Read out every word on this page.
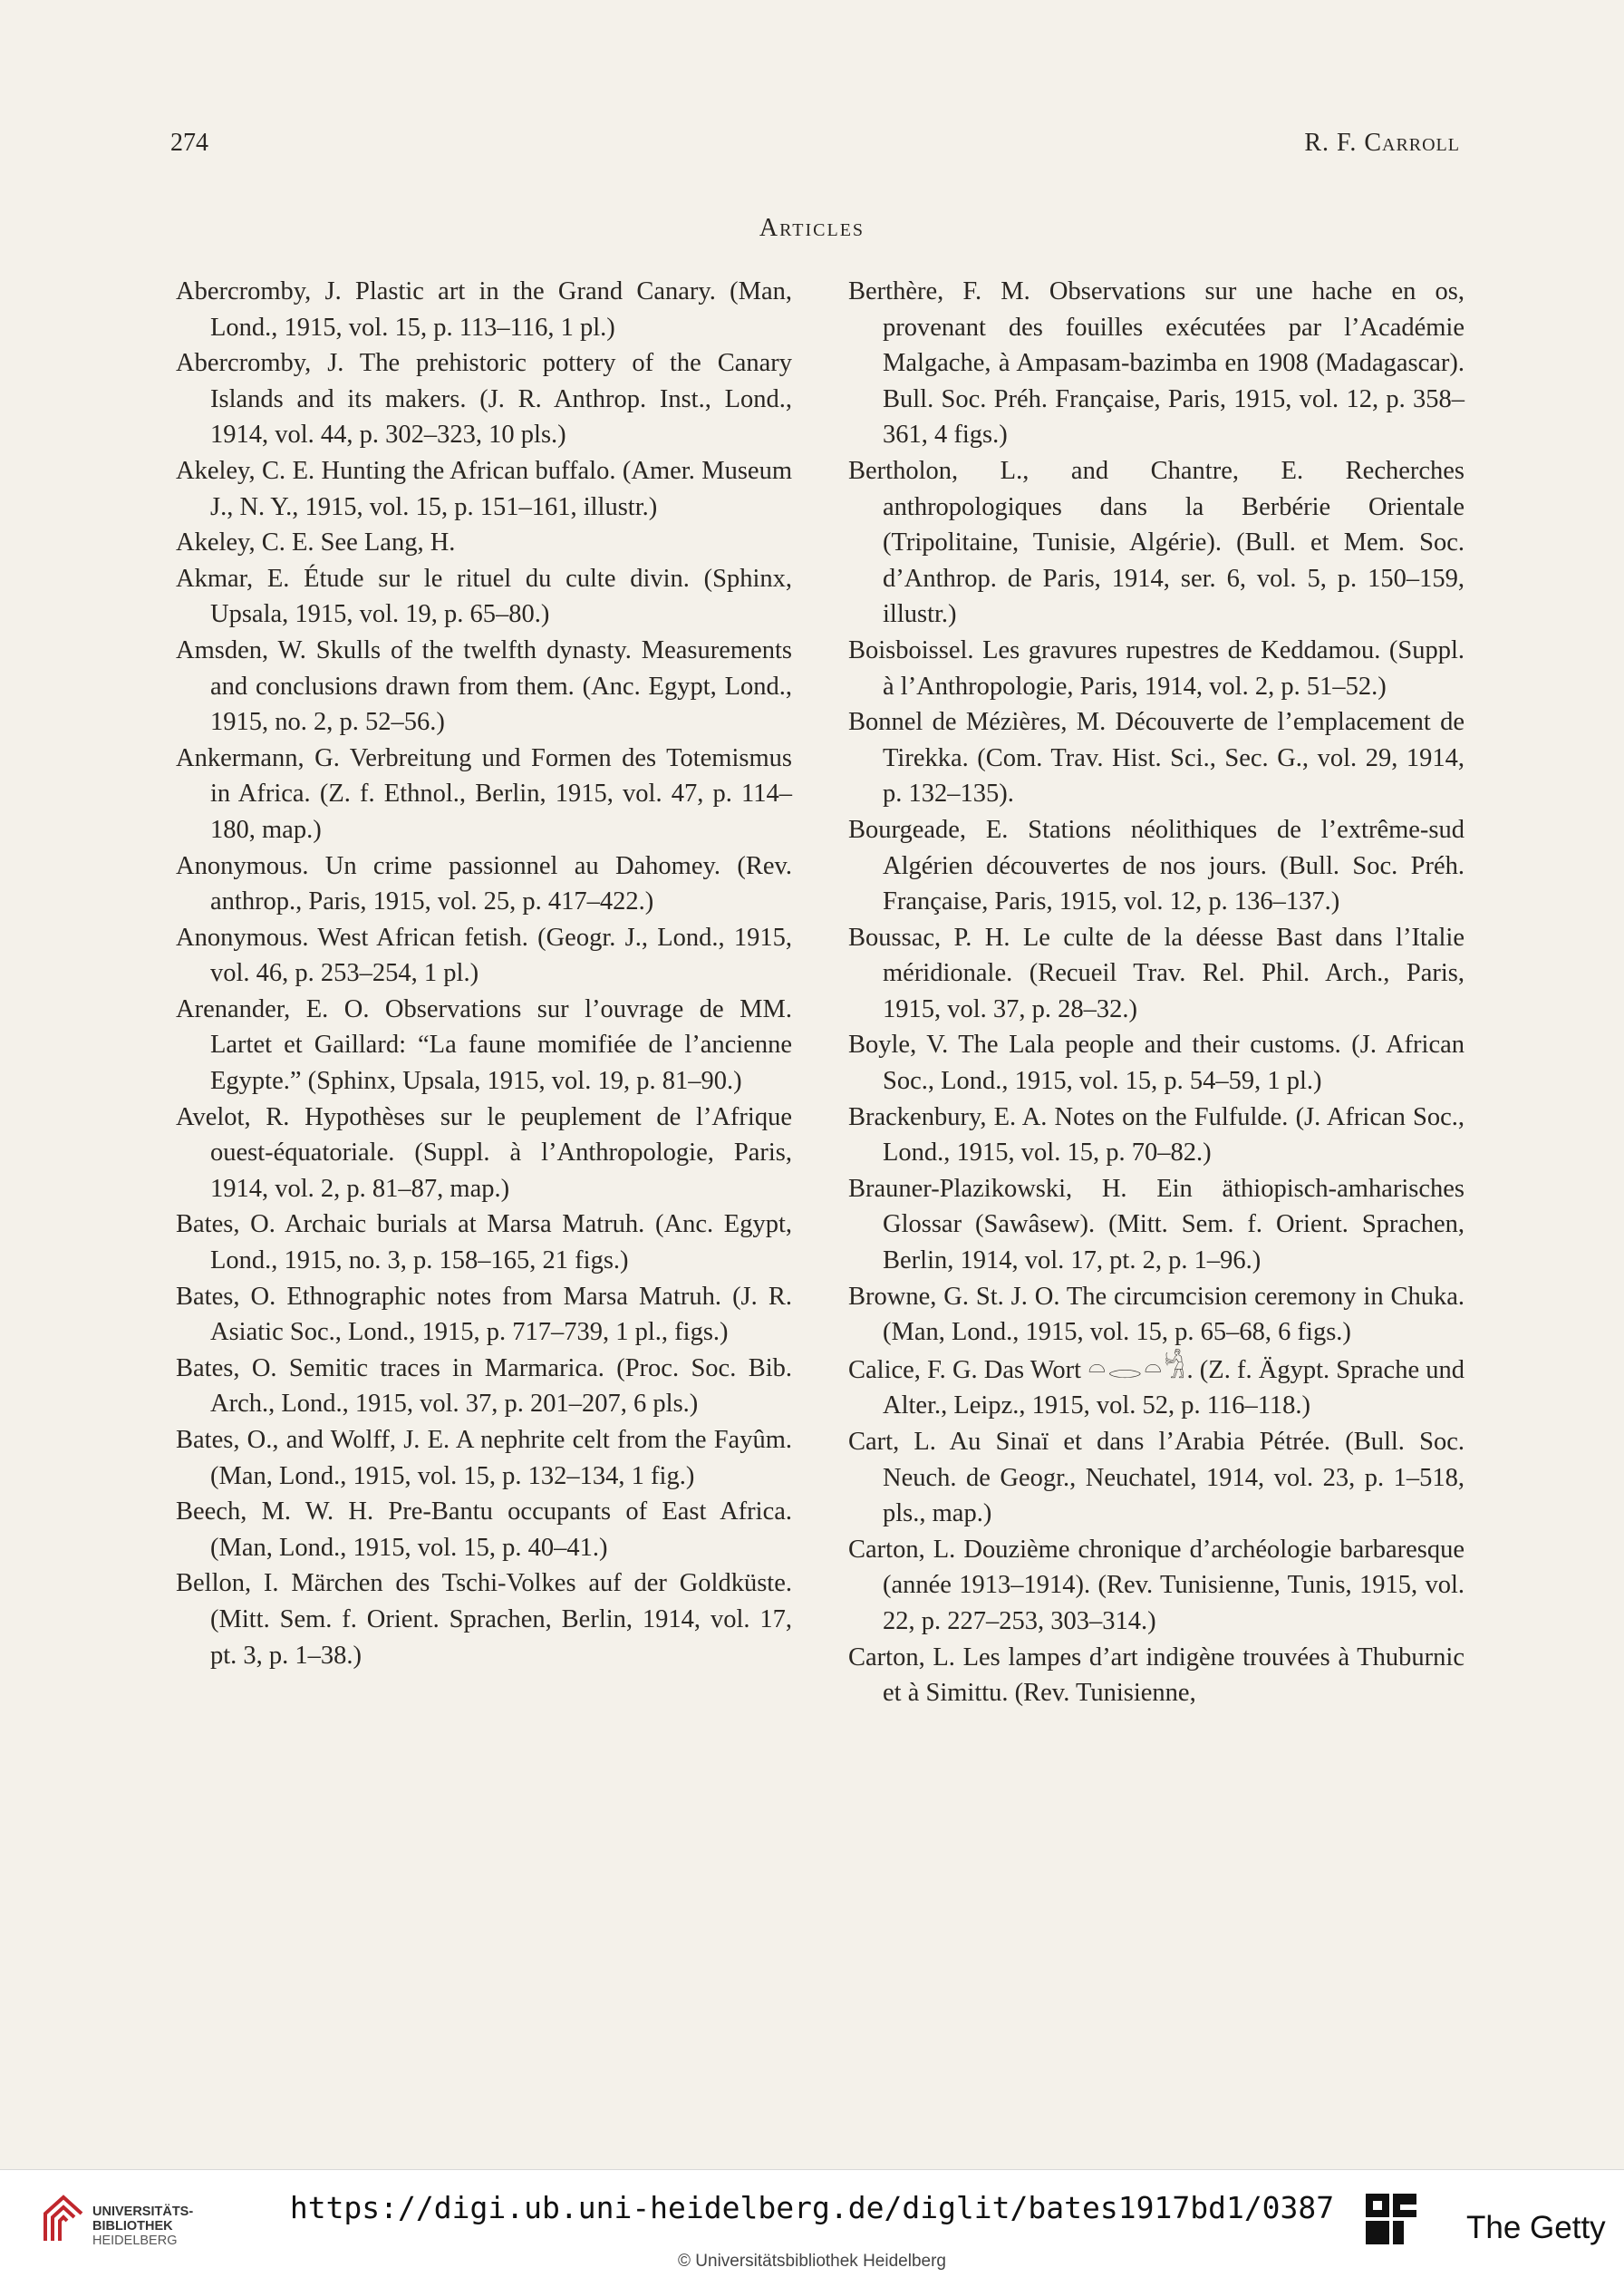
274	R. F. Carroll
Articles

Abercromby, J. Plastic art in the Grand Canary. (Man, Lond., 1915, vol. 15, p. 113–116, 1 pl.)

Abercromby, J. The prehistoric pottery of the Canary Islands and its makers. (J. R. Anthrop. Inst., Lond., 1914, vol. 44, p. 302–323, 10 pls.)

Akeley, C. E. Hunting the African buffalo. (Amer. Museum J., N. Y., 1915, vol. 15, p. 151–161, illustr.)

Akeley, C. E. See Lang, H.

Akmar, E. Étude sur le rituel du culte divin. (Sphinx, Upsala, 1915, vol. 19, p. 65–80.)

Amsden, W. Skulls of the twelfth dynasty. Measurements and conclusions drawn from them. (Anc. Egypt, Lond., 1915, no. 2, p. 52–56.)

Ankermann, G. Verbreitung und Formen des Totemismus in Africa. (Z. f. Ethnol., Berlin, 1915, vol. 47, p. 114–180, map.)

Anonymous. Un crime passionnel au Dahomey. (Rev. anthrop., Paris, 1915, vol. 25, p. 417–422.)

Anonymous. West African fetish. (Geogr. J., Lond., 1915, vol. 46, p. 253–254, 1 pl.)

Arenander, E. O. Observations sur l’ouvrage de MM. Lartet et Gaillard: “La faune momifiée de l’ancienne Egypte.” (Sphinx, Upsala, 1915, vol. 19, p. 81–90.)

Avelot, R. Hypothèses sur le peuplement de l’Afrique ouest-équatoriale. (Suppl. à l’Anthropologie, Paris, 1914, vol. 2, p. 81–87, map.)

Bates, O. Archaic burials at Marsa Matruh. (Anc. Egypt, Lond., 1915, no. 3, p. 158–165, 21 figs.)

Bates, O. Ethnographic notes from Marsa Matruh. (J. R. Asiatic Soc., Lond., 1915, p. 717–739, 1 pl., figs.)

Bates, O. Semitic traces in Marmarica. (Proc. Soc. Bib. Arch., Lond., 1915, vol. 37, p. 201–207, 6 pls.)

Bates, O., and Wolff, J. E. A nephrite celt from the Fayûm. (Man, Lond., 1915, vol. 15, p. 132–134, 1 fig.)

Beech, M. W. H. Pre-Bantu occupants of East Africa. (Man, Lond., 1915, vol. 15, p. 40–41.)

Bellon, I. Märchen des Tschi-Volkes auf der Goldküste. (Mitt. Sem. f. Orient. Sprachen, Berlin, 1914, vol. 17, pt. 3, p. 1–38.)

Berthère, F. M. Observations sur une hache en os, provenant des fouilles exécutées par l’Académie Malgache, à Ampasam-bazimba en 1908 (Madagascar). Bull. Soc. Préh. Française, Paris, 1915, vol. 12, p. 358–361, 4 figs.)

Bertholon, L., and Chantre, E. Recherches anthropologiques dans la Berbérie Orientale (Tripolitaine, Tunisie, Algérie). (Bull. et Mem. Soc. d’Anthrop. de Paris, 1914, ser. 6, vol. 5, p. 150–159, illustr.)

Boisboissel. Les gravures rupestres de Keddamou. (Suppl. à l’Anthropologie, Paris, 1914, vol. 2, p. 51–52.)

Bonnel de Mézières, M. Découverte de l’emplacement de Tirekka. (Com. Trav. Hist. Sci., Sec. G., vol. 29, 1914, p. 132–135).

Bourgeade, E. Stations néolithiques de l’extrême-sud Algérien découvertes de nos jours. (Bull. Soc. Préh. Française, Paris, 1915, vol. 12, p. 136–137.)

Boussac, P. H. Le culte de la déesse Bast dans l’Italie méridionale. (Recueil Trav. Rel. Phil. Arch., Paris, 1915, vol. 37, p. 28–32.)

Boyle, V. The Lala people and their customs. (J. African Soc., Lond., 1915, vol. 15, p. 54–59, 1 pl.)

Brackenbury, E. A. Notes on the Fulfulde. (J. African Soc., Lond., 1915, vol. 15, p. 70–82.)

Brauner-Plazikowski, H. Ein äthiopisch-amharisches Glossar (Sawâsew). (Mitt. Sem. f. Orient. Sprachen, Berlin, 1914, vol. 17, pt. 2, p. 1–96.)

Browne, G. St. J. O. The circumcision ceremony in Chuka. (Man, Lond., 1915, vol. 15, p. 65–68, 6 figs.)

Calice, F. G. Das Wort 𓏏𓂋𓏏𓀜. (Z. f. Ägypt. Sprache und Alter., Leipz., 1915, vol. 52, p. 116–118.)

Cart, L. Au Sinaï et dans l’Arabia Pétrée. (Bull. Soc. Neuch. de Geogr., Neuchatel, 1914, vol. 23, p. 1–518, pls., map.)

Carton, L. Douzième chronique d’archéologie barbaresque (année 1913–1914). (Rev. Tunisienne, Tunis, 1915, vol. 22, p. 227–253, 303–314.)

Carton, L. Les lampes d’art indigène trouvées à Thuburnic et à Simittu. (Rev. Tunisienne,

UNIVERSITÄTS-
BIBLIOTHEK
HEIDELBERG
https://digi.ub.uni-heidelberg.de/diglit/bates1917bd1/0387
© Universitätsbibliothek Heidelberg
The Getty
